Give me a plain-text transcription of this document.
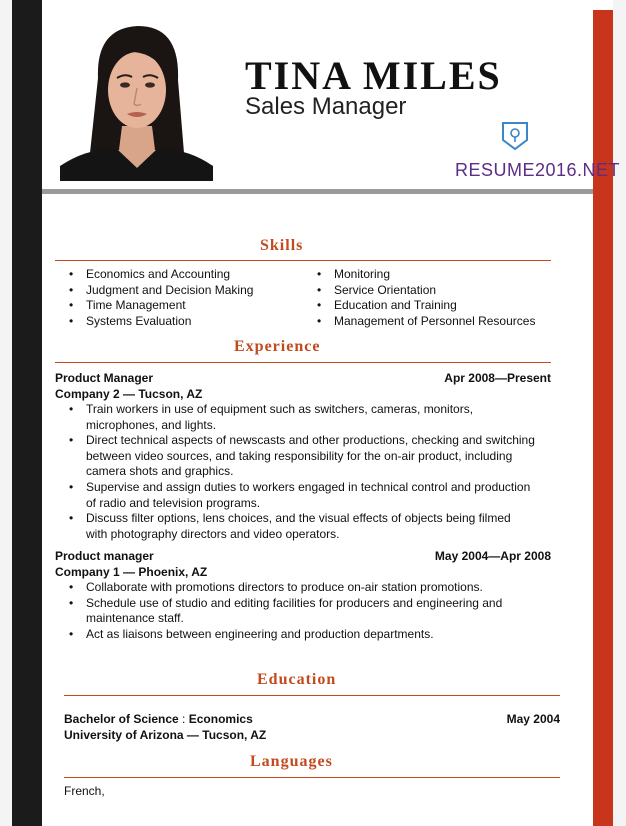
TINA MILES
Sales Manager
RESUME2016.NET
Skills
• Economics and Accounting
• Judgment and Decision Making
• Time Management
• Systems Evaluation
• Monitoring
• Service Orientation
• Education and Training
• Management of Personnel Resources
Experience
Product Manager	Apr 2008—Present
Company 2 — Tucson, AZ
• Train workers in use of equipment such as switchers, cameras, monitors,
microphones, and lights.
• Direct technical aspects of newscasts and other productions, checking and switching
between video sources, and taking responsibility for the on-air product, including
camera shots and graphics.
• Supervise and assign duties to workers engaged in technical control and production
of radio and television programs.
• Discuss filter options, lens choices, and the visual effects of objects being filmed
with photography directors and video operators.
Product manager	May 2004—Apr 2008
Company 1 — Phoenix, AZ
• Collaborate with promotions directors to produce on-air station promotions.
• Schedule use of studio and editing facilities for producers and engineering and
maintenance staff.
• Act as liaisons between engineering and production departments.
Education
Bachelor of Science : Economics	May 2004
University of Arizona — Tucson, AZ
Languages
French,
